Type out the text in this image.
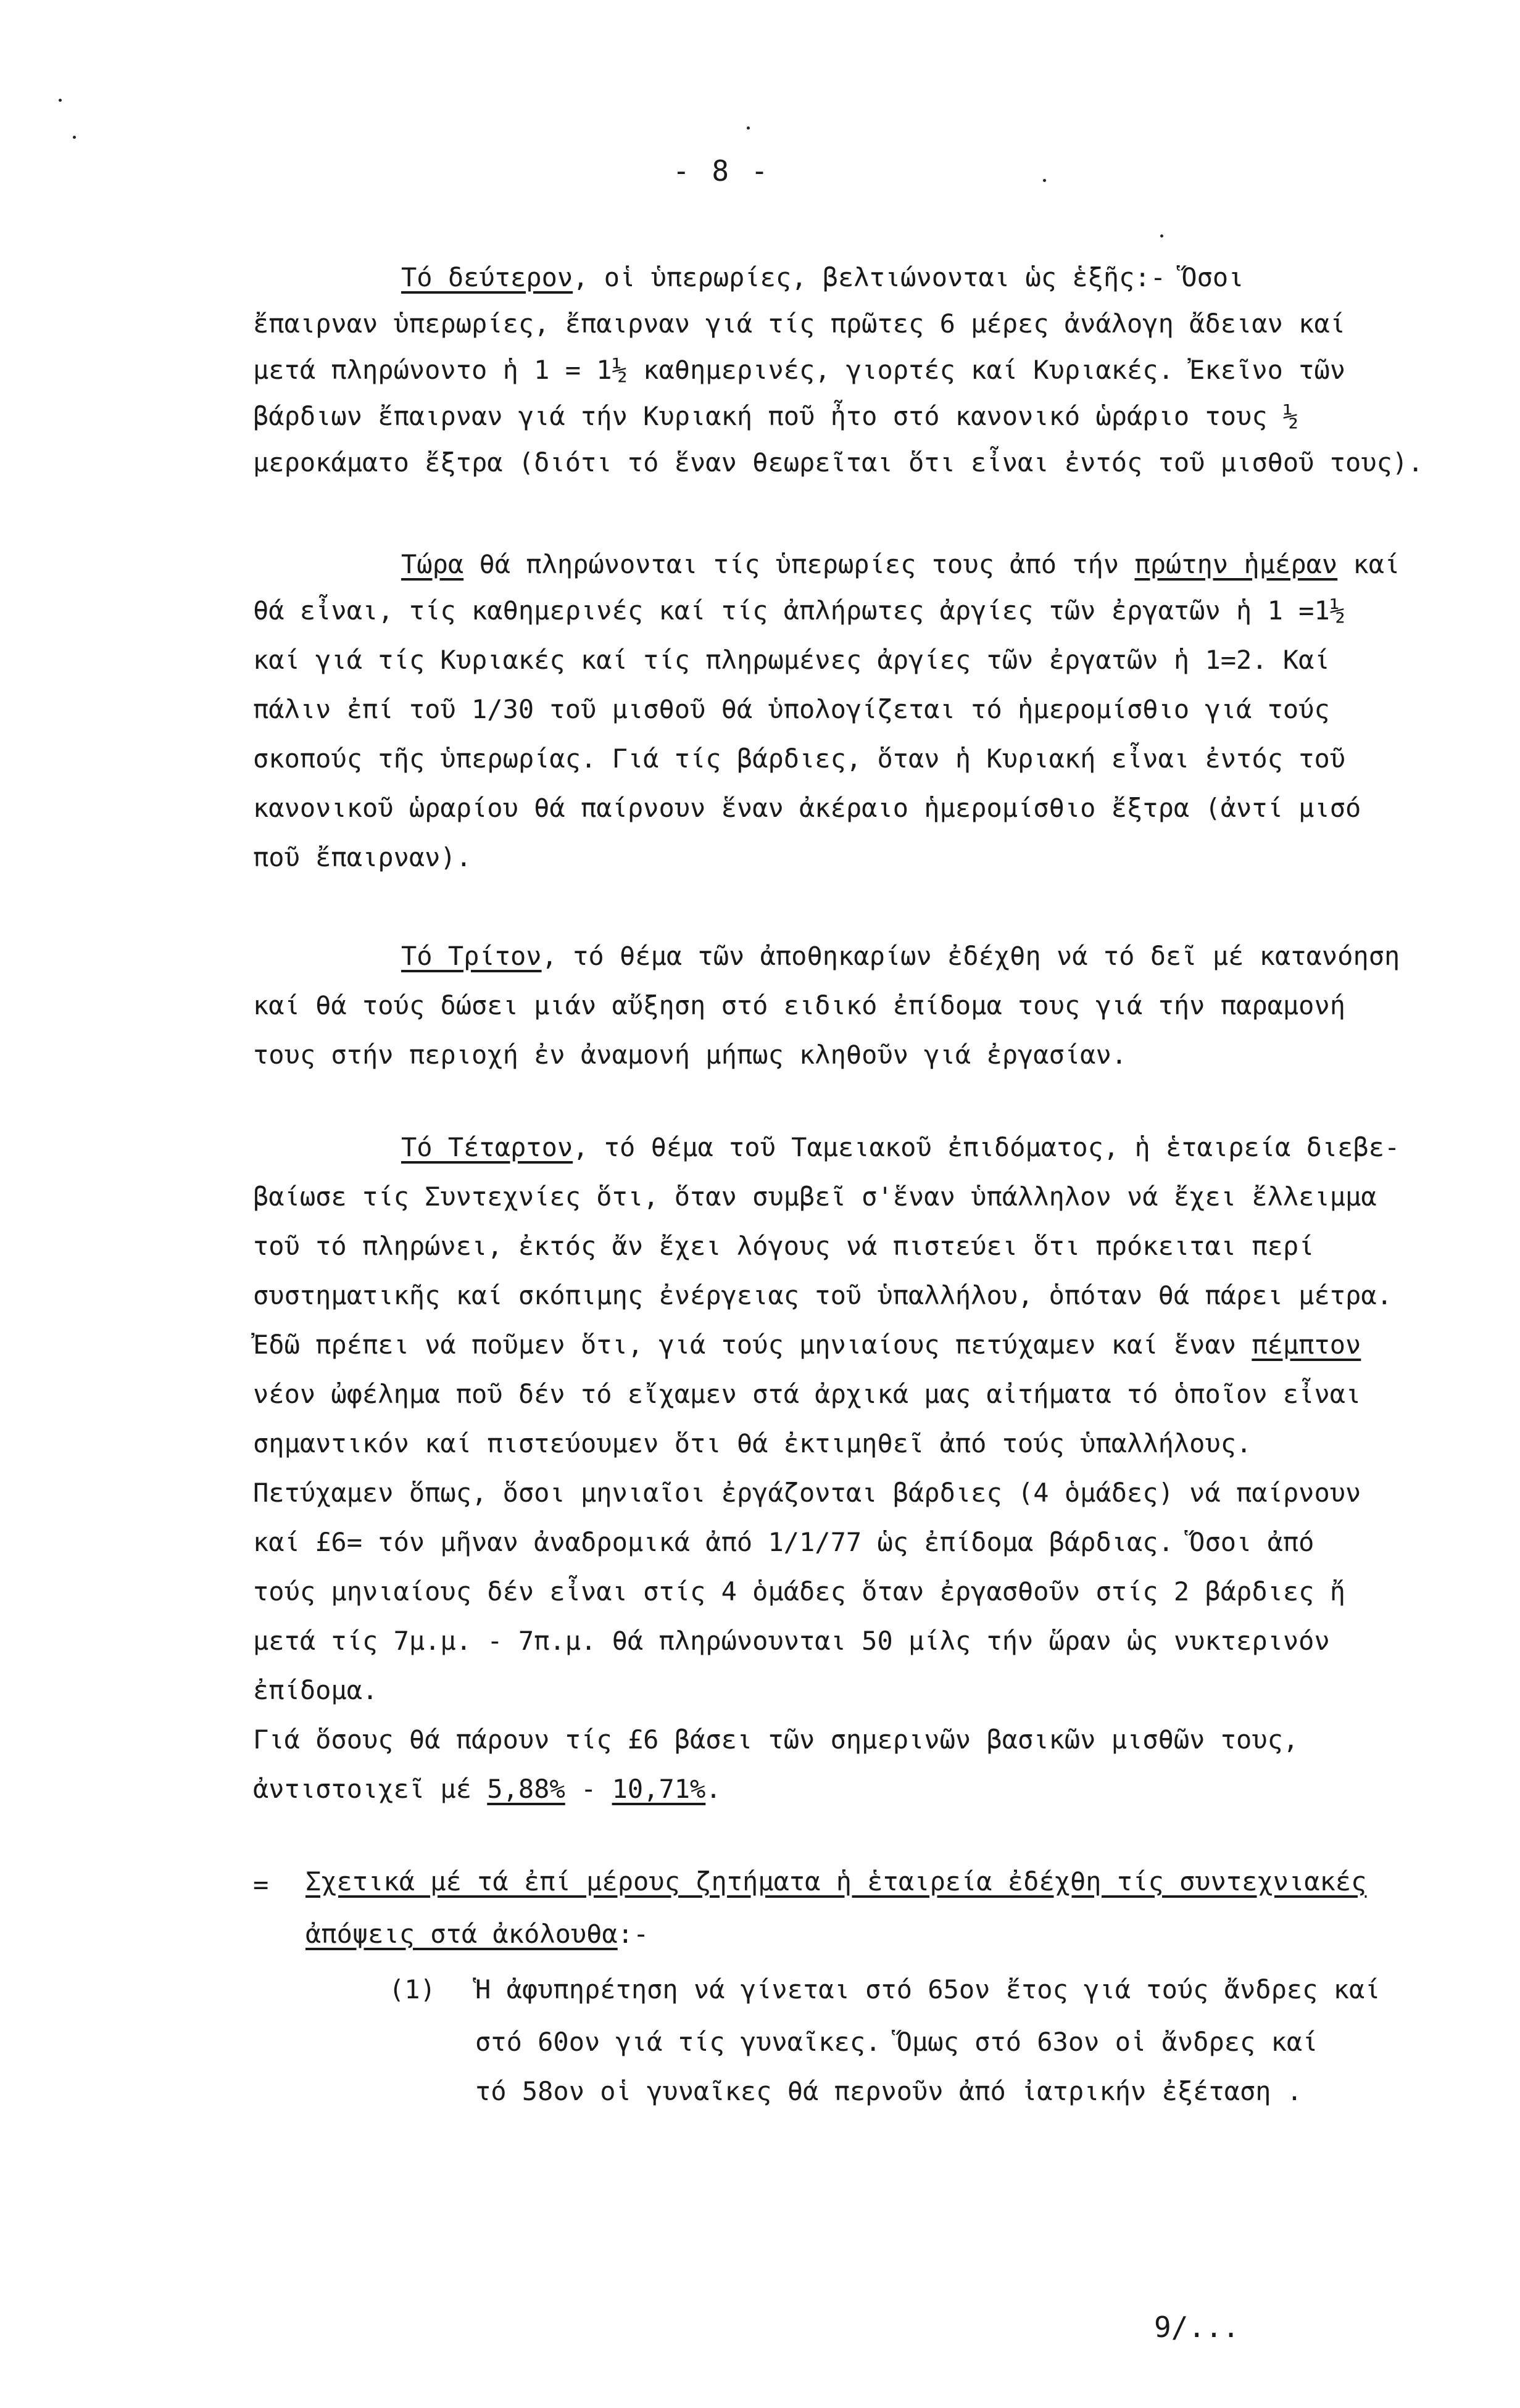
- 8 -
Τό δεύτερον, οἱ ὑπερωρίες, βελτιώνονται ὡς ἑξῆς:- Ὅσοι
ἔπαιρναν ὑπερωρίες, ἔπαιρναν γιά τίς πρῶτες 6 μέρες ἀνάλογη ἄδειαν καί
μετά πληρώνοντο ἡ 1 = 1½ καθημερινές, γιορτές καί Κυριακές. Ἐκεῖνο τῶν
βάρδιων ἔπαιρναν γιά τήν Κυριακή ποῦ ἦτο στό κανονικό ὡράριο τους ½
μεροκάματο ἔξτρα (διότι τό ἕναν θεωρεῖται ὅτι εἶναι ἐντός τοῦ μισθοῦ τους).
Τώρα θά πληρώνονται τίς ὑπερωρίες τους ἀπό τήν πρώτην ἡμέραν καί
θά εἶναι, τίς καθημερινές καί τίς ἀπλήρωτες ἀργίες τῶν ἐργατῶν ἡ 1 =1½
καί γιά τίς Κυριακές καί τίς πληρωμένες ἀργίες τῶν ἐργατῶν ἡ 1=2. Καί
πάλιν ἐπί τοῦ 1/30 τοῦ μισθοῦ θά ὑπολογίζεται τό ἡμερομίσθιο γιά τούς
σκοπούς τῆς ὑπερωρίας. Γιά τίς βάρδιες, ὅταν ἡ Κυριακή εἶναι ἐντός τοῦ
κανονικοῦ ὡραρίου θά παίρνουν ἕναν ἀκέραιο ἡμερομίσθιο ἔξτρα (ἀντί μισό
ποῦ ἔπαιρναν).
Τό Τρίτον, τό θέμα τῶν ἀποθηκαρίων ἐδέχθη νά τό δεῖ μέ κατανόηση
καί θά τούς δώσει μιάν αὔξηση στό ειδικό ἐπίδομα τους γιά τήν παραμονή
τους στήν περιοχή ἐν ἀναμονή μήπως κληθοῦν γιά ἐργασίαν.
Τό Τέταρτον, τό θέμα τοῦ Ταμειακοῦ ἐπιδόματος, ἡ ἑταιρεία διεβε-
βαίωσε τίς Συντεχνίες ὅτι, ὅταν συμβεῖ σ'ἕναν ὑπάλληλον νά ἔχει ἔλλειμμα
τοῦ τό πληρώνει, ἐκτός ἄν ἔχει λόγους νά πιστεύει ὅτι πρόκειται περί
συστηματικῆς καί σκόπιμης ἐνέργειας τοῦ ὑπαλλήλου, ὁπόταν θά πάρει μέτρα.
Ἐδῶ πρέπει νά ποῦμεν ὅτι, γιά τούς μηνιαίους πετύχαμεν καί ἕναν πέμπτον
νέον ὠφέλημα ποῦ δέν τό εἴχαμεν στά ἀρχικά μας αἰτήματα τό ὁποῖον εἶναι
σημαντικόν καί πιστεύουμεν ὅτι θά ἐκτιμηθεῖ ἀπό τούς ὑπαλλήλους.
Πετύχαμεν ὅπως, ὅσοι μηνιαῖοι ἐργάζονται βάρδιες (4 ὁμάδες) νά παίρνουν
καί £6= τόν μῆναν ἀναδρομικά ἀπό 1/1/77 ὡς ἐπίδομα βάρδιας. Ὅσοι ἀπό
τούς μηνιαίους δέν εἶναι στίς 4 ὁμάδες ὅταν ἐργασθοῦν στίς 2 βάρδιες ἤ
μετά τίς 7μ.μ. - 7π.μ. θά πληρώνουνται 50 μίλς τήν ὥραν ὡς νυκτερινόν
ἐπίδομα.
Γιά ὅσους θά πάρουν τίς £6 βάσει τῶν σημερινῶν βασικῶν μισθῶν τους,
ἀντιστοιχεῖ μέ 5,88% - 10,71%.
= Σχετικά μέ τά ἐπί μέρους ζητήματα ἡ ἑταιρεία ἐδέχθη τίς συντεχνιακές
ἀπόψεις στά ἀκόλουθα:-
(1) Ἡ ἀφυπηρέτηση νά γίνεται στό 65ον ἔτος γιά τούς ἄνδρες καί
στό 60ον γιά τίς γυναῖκες. Ὅμως στό 63ον οἱ ἄνδρες καί
τό 58ον οἱ γυναῖκες θά περνοῦν ἀπό ἰατρικήν ἐξέταση .
9/...
